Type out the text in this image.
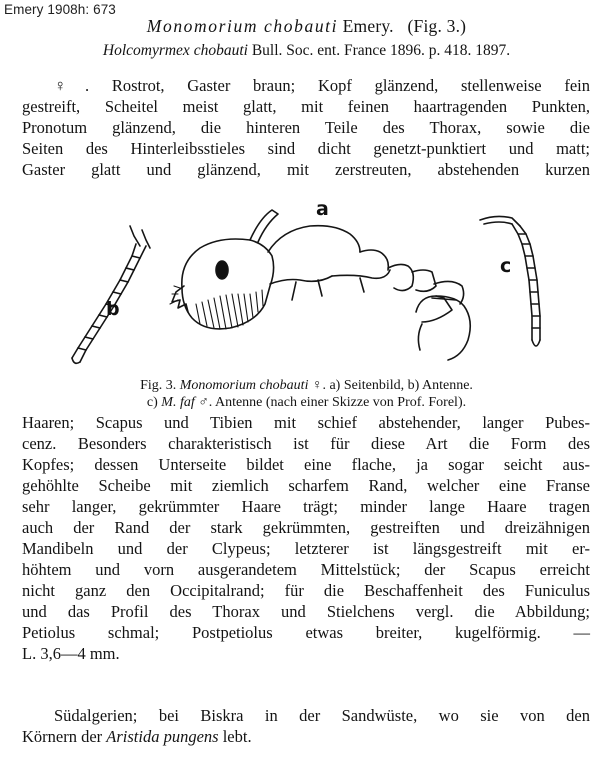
Emery 1908h: 673
Monomorium chobauti Emery. (Fig. 3.)
Holcomyrmex chobauti Bull. Soc. ent. France 1896. p. 418. 1897.
♀. Rostrot, Gaster braun; Kopf glänzend, stellenweise fein
gestreift, Scheitel meist glatt, mit feinen haartragenden Punkten,
Pronotum glänzend, die hinteren Teile des Thorax, sowie die
Seiten des Hinterleibsstieles sind dicht genetzt-punktiert und matt;
Gaster glatt und glänzend, mit zerstreuten, abstehenden kurzen
a
b
c
Fig. 3. Monomorium chobauti ♀. a) Seitenbild, b) Antenne.
c) M. faf ♂. Antenne (nach einer Skizze von Prof. Forel).
Haaren; Scapus und Tibien mit schief abstehender, langer Pubes-
cenz. Besonders charakteristisch ist für diese Art die Form des
Kopfes; dessen Unterseite bildet eine flache, ja sogar seicht aus-
gehöhlte Scheibe mit ziemlich scharfem Rand, welcher eine Franse
sehr langer, gekrümmter Haare trägt; minder lange Haare tragen
auch der Rand der stark gekrümmten, gestreiften und dreizähnigen
Mandibeln und der Clypeus; letzterer ist längsgestreift mit er-
höhtem und vorn ausgerandetem Mittelstück; der Scapus erreicht
nicht ganz den Occipitalrand; für die Beschaffenheit des Funiculus
und das Profil des Thorax und Stielchens vergl. die Abbildung;
Petiolus schmal; Postpetiolus etwas breiter, kugelförmig. —
L. 3,6—4 mm.
Südalgerien; bei Biskra in der Sandwüste, wo sie von den
Körnern der Aristida pungens lebt.
